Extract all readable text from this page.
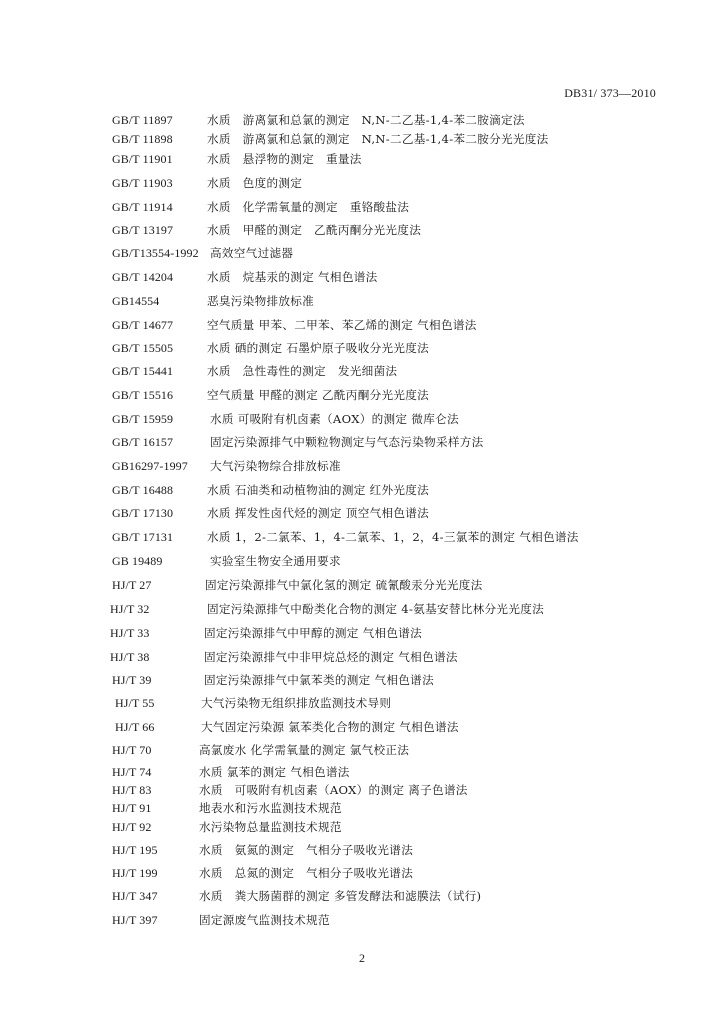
DB31/ 373—2010
GB/T 11897	水质　游离氯和总氯的测定　N,N-二乙基-1,4-苯二胺滴定法
GB/T 11898	水质　游离氯和总氯的测定　N,N-二乙基-1,4-苯二胺分光光度法
GB/T 11901	水质　悬浮物的测定　重量法
GB/T 11903	水质　色度的测定
GB/T 11914	水质　化学需氧量的测定　重铬酸盐法
GB/T 13197	水质　甲醛的测定　乙酰丙酮分光光度法
GB/T13554-1992 高效空气过滤器
GB/T 14204	水质　烷基汞的测定 气相色谱法
GB14554	恶臭污染物排放标准
GB/T 14677	空气质量 甲苯、二甲苯、苯乙烯的测定 气相色谱法
GB/T 15505	水质 硒的测定 石墨炉原子吸收分光光度法
GB/T 15441	水质　急性毒性的测定　发光细菌法
GB/T 15516	空气质量 甲醛的测定 乙酰丙酮分光光度法
GB/T 15959	水质 可吸附有机卤素（AOX）的测定 微库仑法
GB/T 16157	固定污染源排气中颗粒物测定与气态污染物采样方法
GB16297-1997 大气污染物综合排放标准
GB/T 16488	水质 石油类和动植物油的测定 红外光度法
GB/T 17130	水质 挥发性卤代烃的测定 顶空气相色谱法
GB/T 17131	水质 1，2-二氯苯、1，4-二氯苯、1，2，4-三氯苯的测定 气相色谱法
GB 19489	实验室生物安全通用要求
HJ/T 27	固定污染源排气中氯化氢的测定 硫氰酸汞分光光度法
HJ/T 32	固定污染源排气中酚类化合物的测定 4-氨基安替比林分光光度法
HJ/T 33	固定污染源排气中甲醇的测定 气相色谱法
HJ/T 38	固定污染源排气中非甲烷总烃的测定 气相色谱法
HJ/T 39	固定污染源排气中氯苯类的测定 气相色谱法
HJ/T 55	大气污染物无组织排放监测技术导则
HJ/T 66	大气固定污染源 氯苯类化合物的测定 气相色谱法
HJ/T 70	高氯废水 化学需氧量的测定 氯气校正法
HJ/T 74	水质 氯苯的测定 气相色谱法
HJ/T 83	水质　可吸附有机卤素（AOX）的测定 离子色谱法
HJ/T 91	地表水和污水监测技术规范
HJ/T 92	水污染物总量监测技术规范
HJ/T 195	水质　氨氮的测定　气相分子吸收光谱法
HJ/T 199	水质　总氮的测定　气相分子吸收光谱法
HJ/T 347	水质　粪大肠菌群的测定 多管发酵法和滤膜法（试行)
HJ/T 397	固定源废气监测技术规范
2
